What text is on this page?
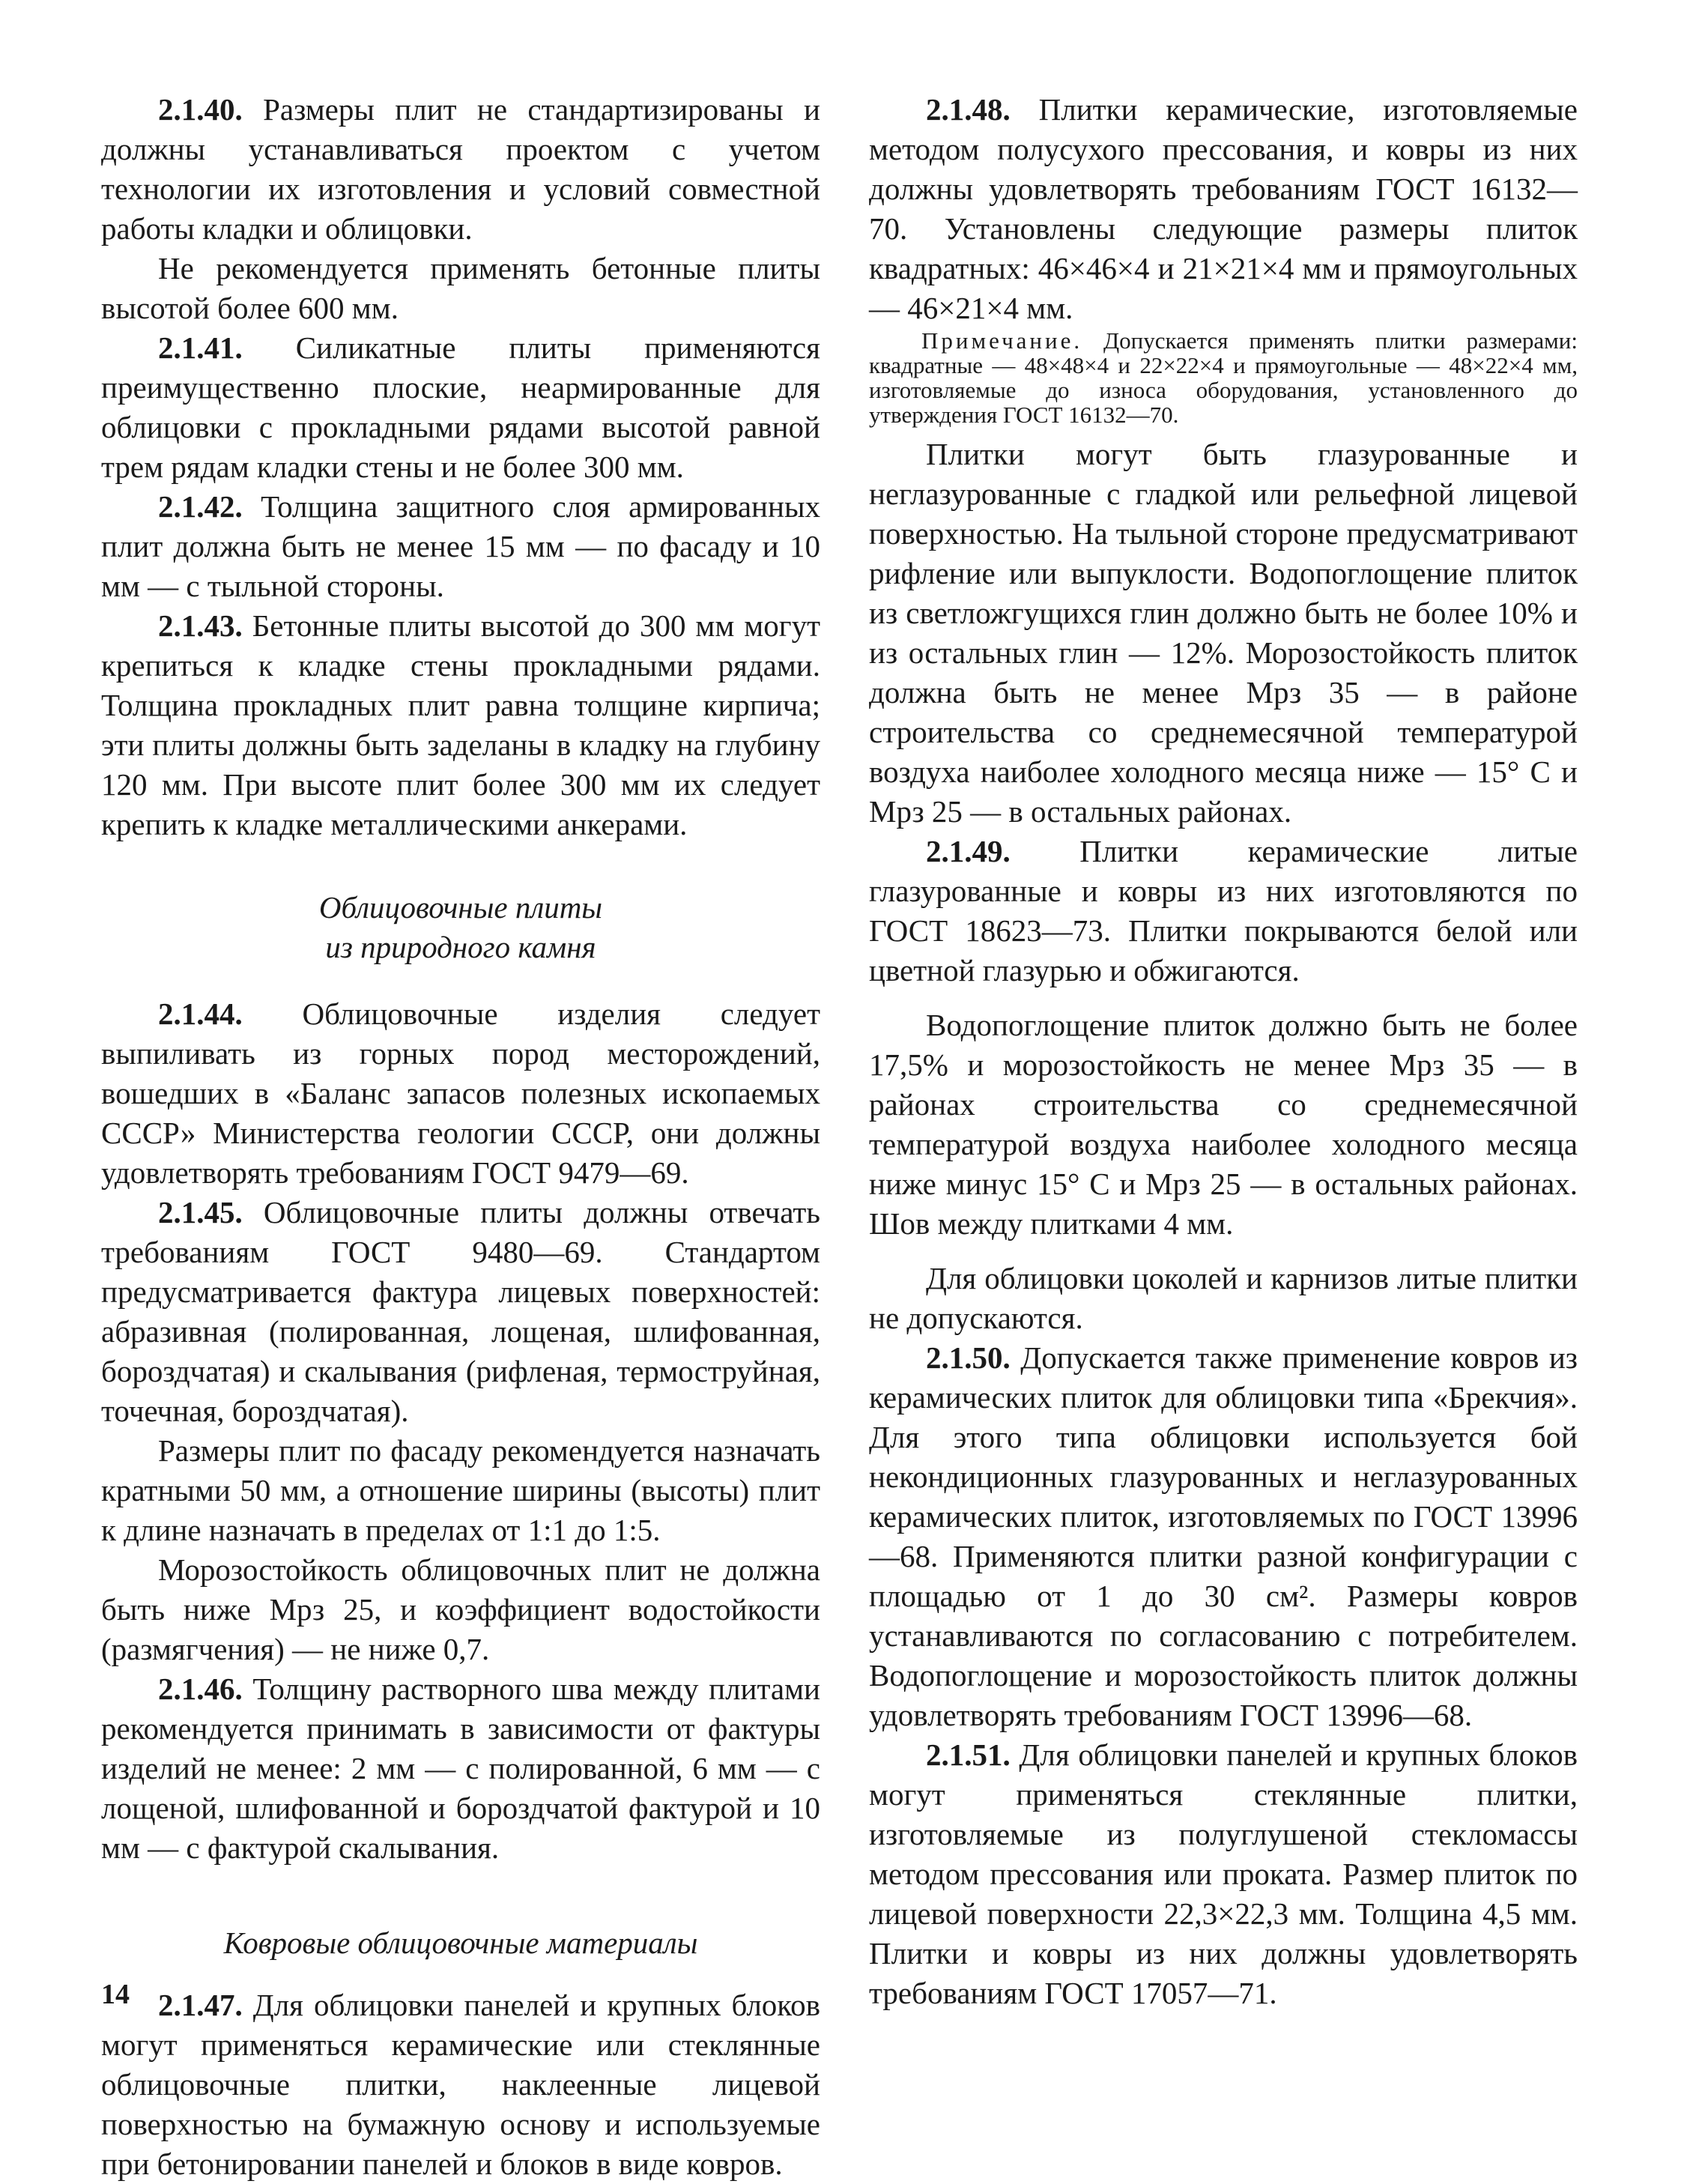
2.1.40. Размеры плит не стандартизированы и должны устанавливаться проектом с учетом технологии их изготовления и условий совместной работы кладки и облицовки.

Не рекомендуется применять бетонные плиты высотой более 600 мм.

2.1.41. Силикатные плиты применяются преимущественно плоские, неармированные для облицовки с прокладными рядами высотой равной трем рядам кладки стены и не более 300 мм.

2.1.42. Толщина защитного слоя армированных плит должна быть не менее 15 мм — по фасаду и 10 мм — с тыльной стороны.

2.1.43. Бетонные плиты высотой до 300 мм могут крепиться к кладке стены прокладными рядами. Толщина прокладных плит равна толщине кирпича; эти плиты должны быть заделаны в кладку на глубину 120 мм. При высоте плит более 300 мм их следует крепить к кладке металлическими анкерами.

Облицовочные плиты
из природного камня

2.1.44. Облицовочные изделия следует выпиливать из горных пород месторождений, вошедших в «Баланс запасов полезных ископаемых СССР» Министерства геологии СССР, они должны удовлетворять требованиям ГОСТ 9479—69.

2.1.45. Облицовочные плиты должны отвечать требованиям ГОСТ 9480—69. Стандартом предусматривается фактура лицевых поверхностей: абразивная (полированная, лощеная, шлифованная, бороздчатая) и скалывания (рифленая, термоструйная, точечная, бороздчатая).

Размеры плит по фасаду рекомендуется назначать кратными 50 мм, а отношение ширины (высоты) плит к длине назначать в пределах от 1:1 до 1:5.

Морозостойкость облицовочных плит не должна быть ниже Мрз 25, и коэффициент водостойкости (размягчения) — не ниже 0,7.

2.1.46. Толщину растворного шва между плитами рекомендуется принимать в зависимости от фактуры изделий не менее: 2 мм — с полированной, 6 мм — с лощеной, шлифованной и бороздчатой фактурой и 10 мм — с фактурой скалывания.

Ковровые облицовочные материалы

2.1.47. Для облицовки панелей и крупных блоков могут применяться керамические или стеклянные облицовочные плитки, наклеенные лицевой поверхностью на бумажную основу и используемые при бетонировании панелей и блоков в виде ковров.

2.1.48. Плитки керамические, изготовляемые методом полусухого прессования, и ковры из них должны удовлетворять требованиям ГОСТ 16132—70. Установлены следующие размеры плиток квадратных: 46×46×4 и 21×21×4 мм и прямоугольных — 46×21×4 мм.

Примечание. Допускается применять плитки размерами: квадратные — 48×48×4 и 22×22×4 и прямоугольные — 48×22×4 мм, изготовляемые до износа оборудования, установленного до утверждения ГОСТ 16132—70.

Плитки могут быть глазурованные и неглазурованные с гладкой или рельефной лицевой поверхностью. На тыльной стороне предусматривают рифление или выпуклости. Водопоглощение плиток из светложгущихся глин должно быть не более 10% и из остальных глин — 12%. Морозостойкость плиток должна быть не менее Мрз 35 — в районе строительства со среднемесячной температурой воздуха наиболее холодного месяца ниже — 15° С и Мрз 25 — в остальных районах.

2.1.49. Плитки керамические литые глазурованные и ковры из них изготовляются по ГОСТ 18623—73. Плитки покрываются белой или цветной глазурью и обжигаются.

Водопоглощение плиток должно быть не более 17,5% и морозостойкость не менее Мрз 35 — в районах строительства со среднемесячной температурой воздуха наиболее холодного месяца ниже минус 15° С и Мрз 25 — в остальных районах. Шов между плитками 4 мм.

Для облицовки цоколей и карнизов литые плитки не допускаются.

2.1.50. Допускается также применение ковров из керамических плиток для облицовки типа «Брекчия». Для этого типа облицовки используется бой некондиционных глазурованных и неглазурованных керамических плиток, изготовляемых по ГОСТ 13996—68. Применяются плитки разной конфигурации с площадью от 1 до 30 см². Размеры ковров устанавливаются по согласованию с потребителем. Водопоглощение и морозостойкость плиток должны удовлетворять требованиям ГОСТ 13996—68.

2.1.51. Для облицовки панелей и крупных блоков могут применяться стеклянные плитки, изготовляемые из полуглушеной стекломассы методом прессования или проката. Размер плиток по лицевой поверхности 22,3×22,3 мм. Толщина 4,5 мм. Плитки и ковры из них должны удовлетворять требованиям ГОСТ 17057—71.

14
